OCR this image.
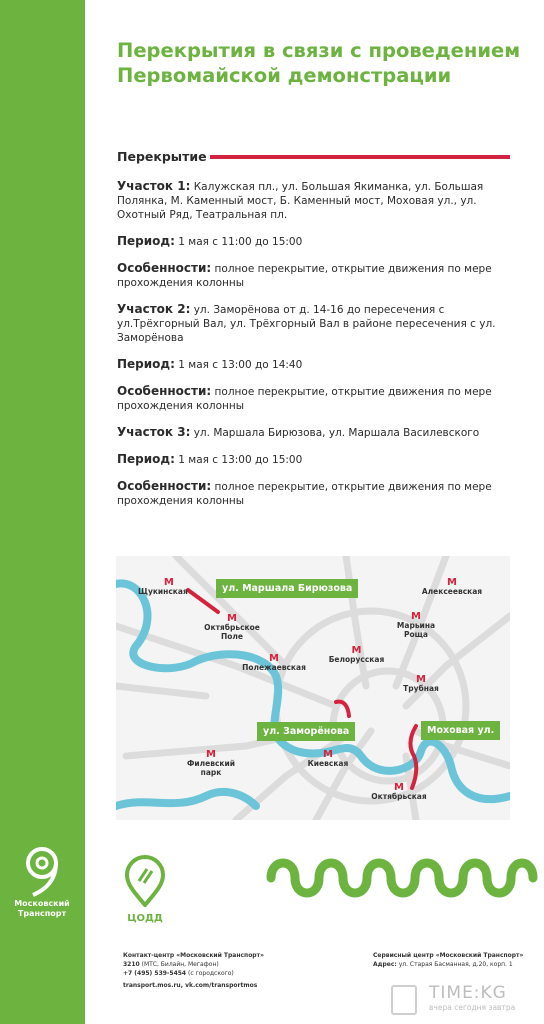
Московский
Транспорт
Перекрытия в связи с проведением Первомайской демонстрации
Перекрытие
Участок 1: Калужская пл., ул. Большая Якиманка, ул. Большая Полянка, М. Каменный мост, Б. Каменный мост, Моховая ул., ул. Охотный Ряд, Театральная пл.
Период: 1 мая с 11:00 до 15:00
Особенности: полное перекрытие, открытие движения по мере прохождения колонны
Участок 2: ул. Заморёнова от д. 14-16 до пересечения с ул.Трёхгорный Вал, ул. Трёхгорный Вал в районе пересечения с ул. Заморёнова
Период: 1 мая с 13:00 до 14:40
Особенности: полное перекрытие, открытие движения по мере прохождения колонны
Участок 3: ул. Маршала Бирюзова, ул. Маршала Василевского
Период: 1 мая с 13:00 до 15:00
Особенности: полное перекрытие, открытие движения по мере прохождения колонны
М
Щукинская
М
Октябрьское Поле
М
Полежаевская
М
Филевский парк
М
Киевская
М
Белорусская
М
Марьина Роща
М
Алексеевская
М
Трубная
М
Октябрьская
ул. Маршала Бирюзова
ул. Заморёнова	Моховая ул.
ЦОДД
Контакт-центр «Московский Транспорт»
3210 (МТС, Билайн, Мегафон)
+7 (495) 539-5454 (с городского)
transport.mos.ru, vk.com/transportmos
Сервисный центр «Московский Транспорт»
Адрес: ул. Старая Басманная, д.20, корп. 1
TIME:KG
вчера сегодня завтра
